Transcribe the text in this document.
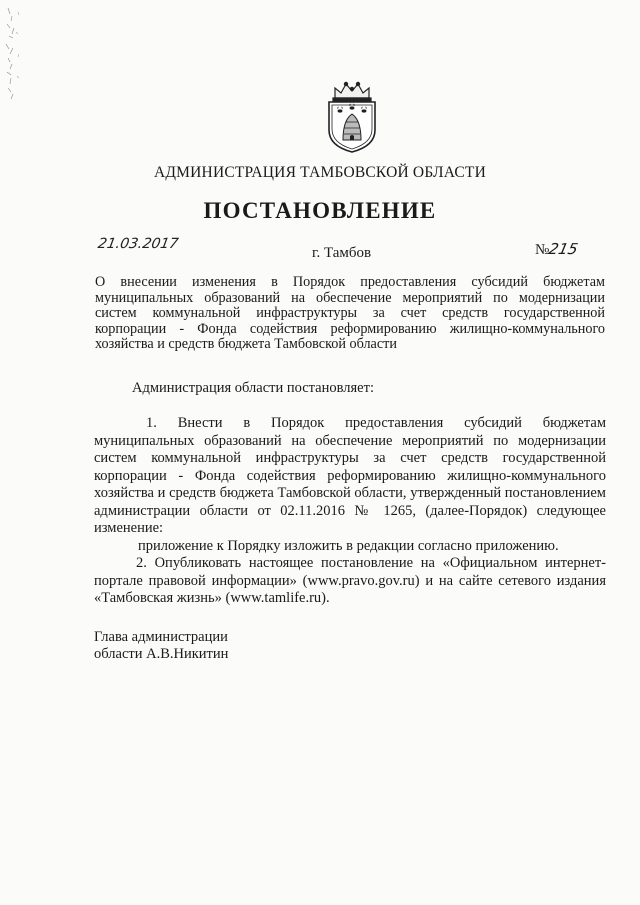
АДМИНИСТРАЦИЯ ТАМБОВСКОЙ ОБЛАСТИ
ПОСТАНОВЛЕНИЕ
21.03.2017
г. Тамбов	№215
О внесении изменения в Порядок предоставления субсидий бюджетам муниципальных образований на обеспечение мероприятий по модернизации систем коммунальной инфраструктуры за счет средств государственной корпорации - Фонда содействия реформированию жилищно-коммунального хозяйства и средств бюджета Тамбовской области
Администрация области постановляет:

1. Внести в Порядок предоставления субсидий бюджетам муниципальных образований на обеспечение мероприятий по модернизации систем коммунальной инфраструктуры за счет средств государственной корпорации - Фонда содействия реформированию жилищно-коммунального хозяйства и средств бюджета Тамбовской области, утвержденный постановлением администрации области от 02.11.2016 № 1265, (далее-Порядок) следующее изменение:

приложение к Порядку изложить в редакции согласно приложению.

2. Опубликовать настоящее постановление на «Официальном интернет-портале правовой информации» (www.pravo.gov.ru) и на сайте сетевого издания «Тамбовская жизнь» (www.tamlife.ru).

Глава администрации
области А.В.Никитин
